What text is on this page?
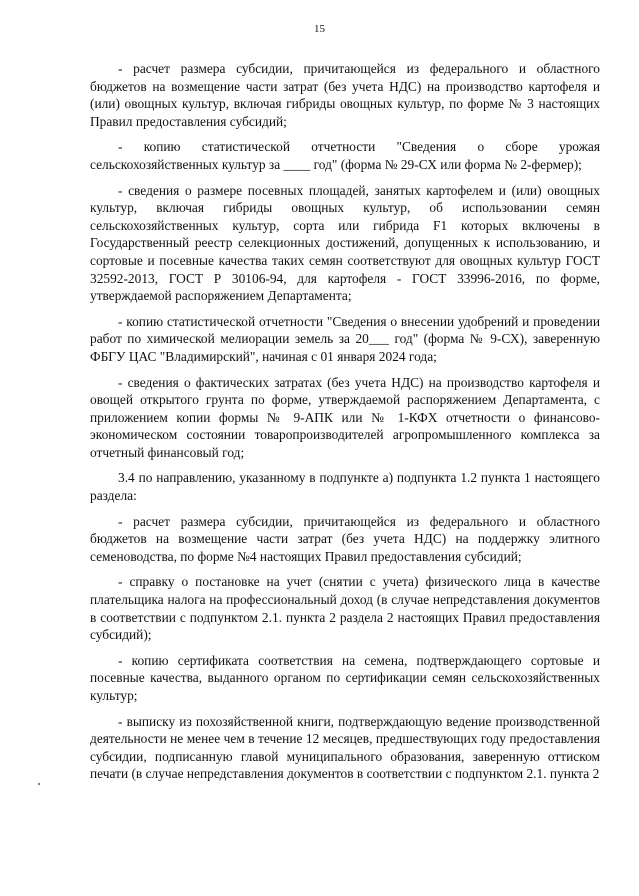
15

- расчет размера субсидии, причитающейся из федерального и областного бюджетов на возмещение части затрат (без учета НДС) на производство картофеля и (или) овощных культур, включая гибриды овощных культур, по форме № 3 настоящих Правил предоставления субсидий;

- копию статистической отчетности "Сведения о сборе урожая сельскохозяйственных культур за ____ год" (форма № 29-СХ или форма № 2-фермер);

- сведения о размере посевных площадей, занятых картофелем и (или) овощных культур, включая гибриды овощных культур, об использовании семян сельскохозяйственных культур, сорта или гибрида F1 которых включены в Государственный реестр селекционных достижений, допущенных к использованию, и сортовые и посевные качества таких семян соответствуют для овощных культур ГОСТ 32592-2013, ГОСТ Р 30106-94, для картофеля - ГОСТ 33996-2016, по форме, утверждаемой распоряжением Департамента;

- копию статистической отчетности "Сведения о внесении удобрений и проведении работ по химической мелиорации земель за 20___ год" (форма № 9-СХ), заверенную ФБГУ ЦАС "Владимирский", начиная с 01 января 2024 года;

- сведения о фактических затратах (без учета НДС) на производство картофеля и овощей открытого грунта по форме, утверждаемой распоряжением Департамента, с приложением копии формы № 9-АПК или № 1-КФХ отчетности о финансово-экономическом состоянии товаропроизводителей агропромышленного комплекса за отчетный финансовый год;

3.4 по направлению, указанному в подпункте а) подпункта 1.2 пункта 1 настоящего раздела:

- расчет размера субсидии, причитающейся из федерального и областного бюджетов на возмещение части затрат (без учета НДС) на поддержку элитного семеноводства, по форме №4 настоящих Правил предоставления субсидий;

- справку о постановке на учет (снятии с учета) физического лица в качестве плательщика налога на профессиональный доход (в случае непредставления документов в соответствии с подпунктом 2.1. пункта 2 раздела 2 настоящих Правил предоставления субсидий);

- копию сертификата соответствия на семена, подтверждающего сортовые и посевные качества, выданного органом по сертификации семян сельскохозяйственных культур;

- выписку из похозяйственной книги, подтверждающую ведение производственной деятельности не менее чем в течение 12 месяцев, предшествующих году предоставления субсидии, подписанную главой муниципального образования, заверенную оттиском печати (в случае непредставления документов в соответствии с подпунктом 2.1. пункта 2
